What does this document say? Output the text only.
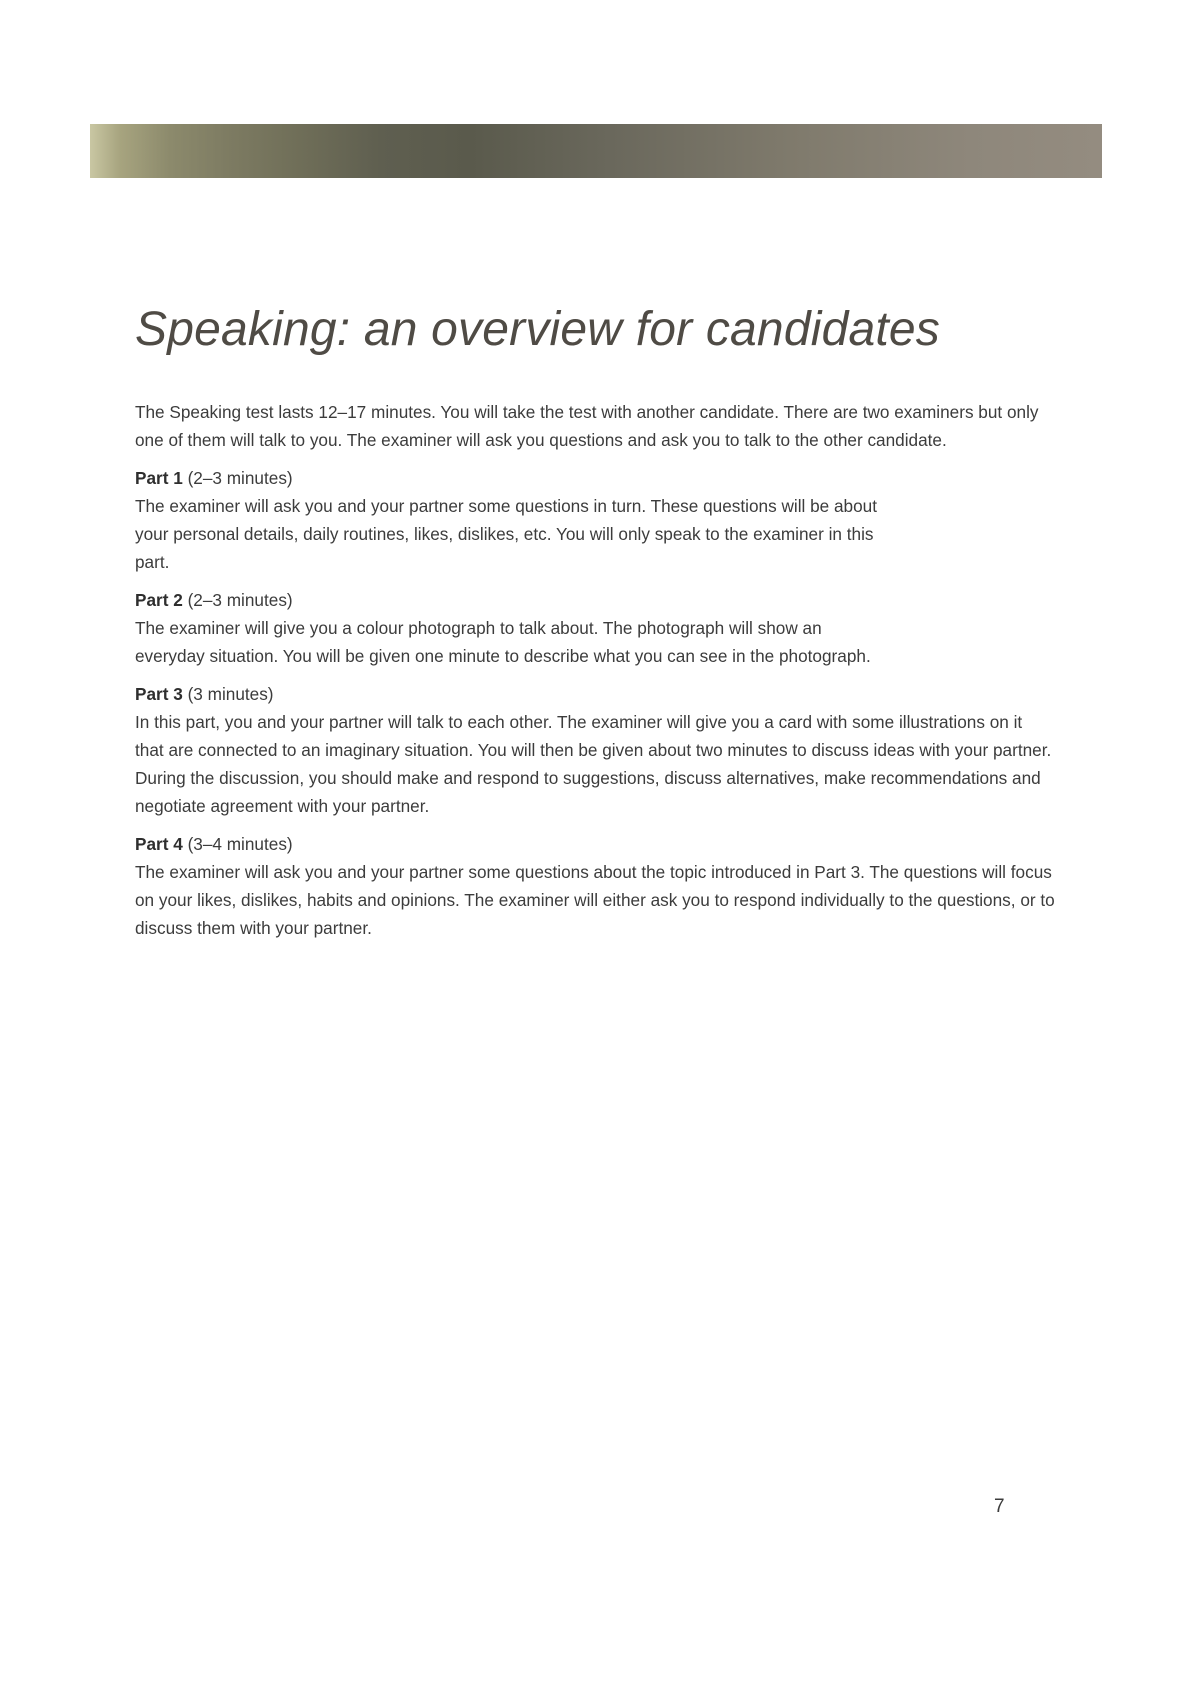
Speaking: an overview for candidates

The Speaking test lasts 12–17 minutes. You will take the test with another candidate. There are two examiners but only one of them will talk to you. The examiner will ask you questions and ask you to talk to the other candidate.

Part 1 (2–3 minutes)

The examiner will ask you and your partner some questions in turn. These questions will be about your personal details, daily routines, likes, dislikes, etc. You will only speak to the examiner in this part.

Part 2 (2–3 minutes)

The examiner will give you a colour photograph to talk about. The photograph will show an everyday situation. You will be given one minute to describe what you can see in the photograph.

Part 3 (3 minutes)

In this part, you and your partner will talk to each other. The examiner will give you a card with some illustrations on it that are connected to an imaginary situation. You will then be given about two minutes to discuss ideas with your partner. During the discussion, you should make and respond to suggestions, discuss alternatives, make recommendations and negotiate agreement with your partner.

Part 4 (3–4 minutes)

The examiner will ask you and your partner some questions about the topic introduced in Part 3. The questions will focus on your likes, dislikes, habits and opinions. The examiner will either ask you to respond individually to the questions, or to discuss them with your partner.

7
